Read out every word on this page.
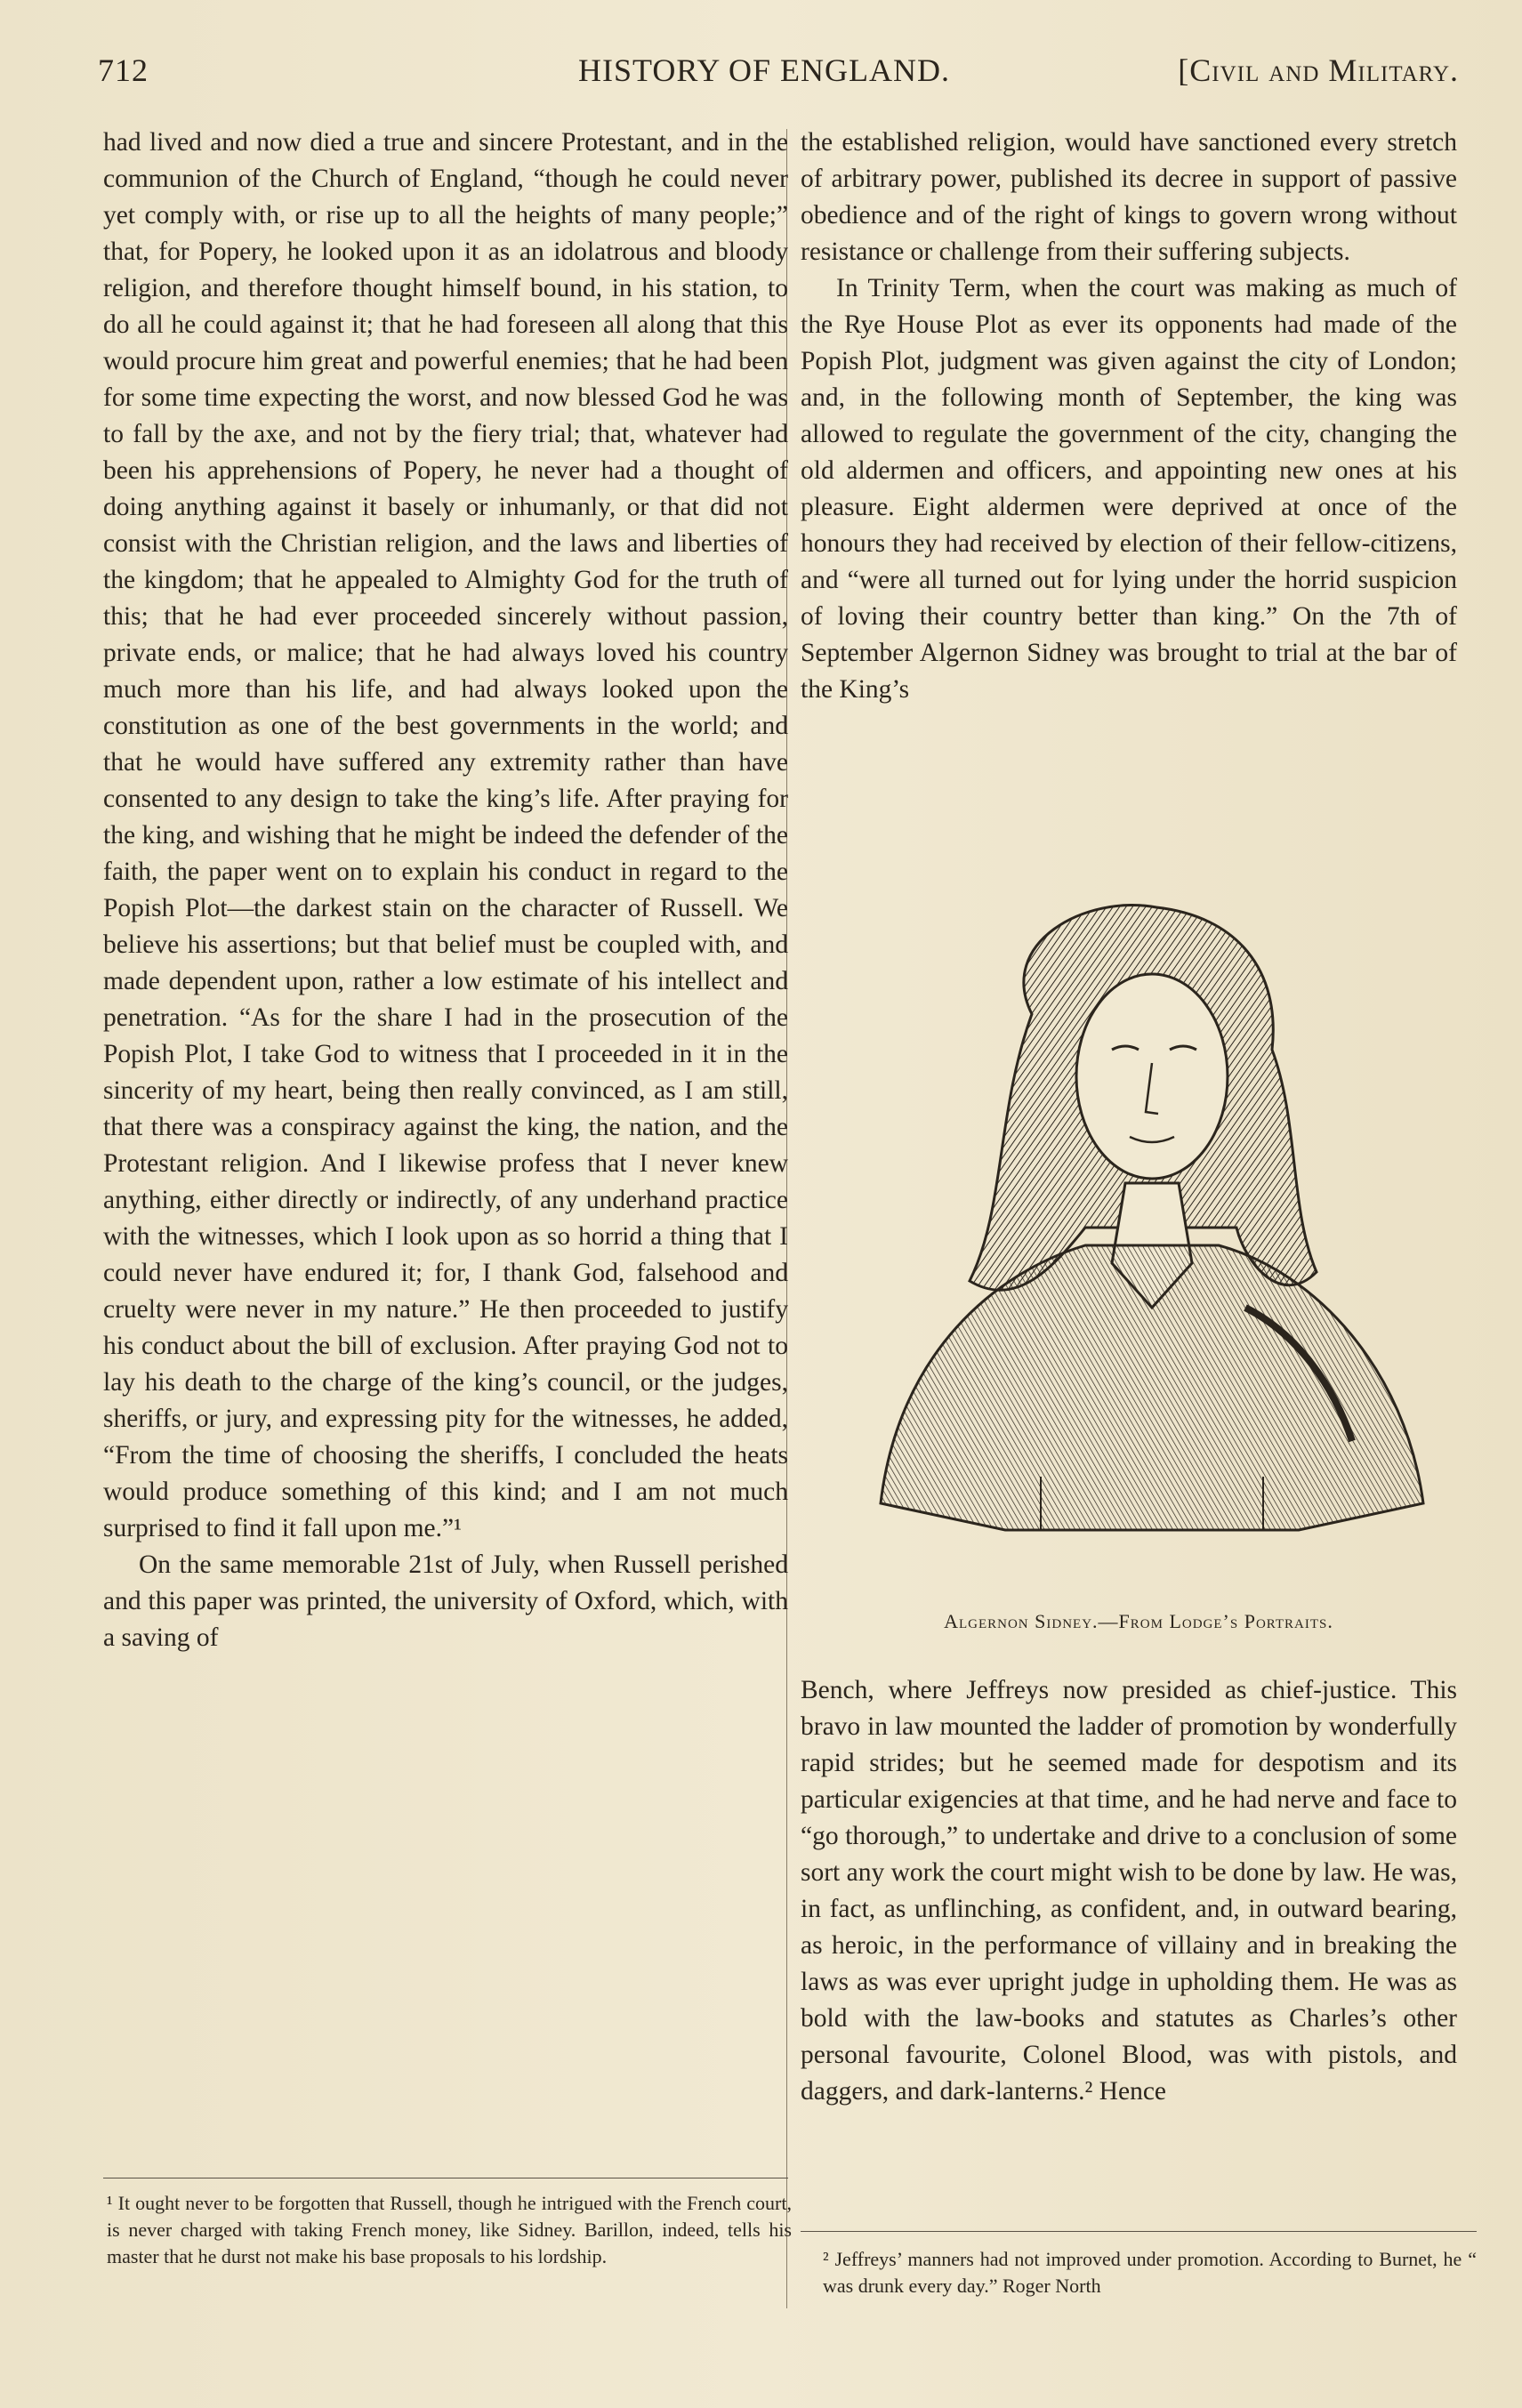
712	HISTORY OF ENGLAND.	[Civil and Military.

had lived and now died a true and sincere Protestant, and in the communion of the Church of England, “though he could never yet comply with, or rise up to all the heights of many people;” that, for Popery, he looked upon it as an idolatrous and bloody religion, and therefore thought himself bound, in his station, to do all he could against it; that he had foreseen all along that this would procure him great and powerful enemies; that he had been for some time expecting the worst, and now blessed God he was to fall by the axe, and not by the fiery trial; that, whatever had been his apprehensions of Popery, he never had a thought of doing anything against it basely or inhumanly, or that did not consist with the Christian religion, and the laws and liberties of the kingdom; that he appealed to Almighty God for the truth of this; that he had ever proceeded sincerely without passion, private ends, or malice; that he had always loved his country much more than his life, and had always looked upon the constitution as one of the best governments in the world; and that he would have suffered any extremity rather than have consented to any design to take the king’s life. After praying for the king, and wishing that he might be indeed the defender of the faith, the paper went on to explain his conduct in regard to the Popish Plot—the darkest stain on the character of Russell. We believe his assertions; but that belief must be coupled with, and made dependent upon, rather a low estimate of his intellect and penetration. “As for the share I had in the prosecution of the Popish Plot, I take God to witness that I proceeded in it in the sincerity of my heart, being then really convinced, as I am still, that there was a conspiracy against the king, the nation, and the Protestant religion. And I likewise profess that I never knew anything, either directly or indirectly, of any underhand practice with the witnesses, which I look upon as so horrid a thing that I could never have endured it; for, I thank God, falsehood and cruelty were never in my nature.” He then proceeded to justify his conduct about the bill of exclusion. After praying God not to lay his death to the charge of the king’s council, or the judges, sheriffs, or jury, and expressing pity for the witnesses, he added, “From the time of choosing the sheriffs, I concluded the heats would produce something of this kind; and I am not much surprised to find it fall upon me.”¹

On the same memorable 21st of July, when Russell perished and this paper was printed, the university of Oxford, which, with a saving of

the established religion, would have sanctioned every stretch of arbitrary power, published its decree in support of passive obedience and of the right of kings to govern wrong without resistance or challenge from their suffering subjects.

In Trinity Term, when the court was making as much of the Rye House Plot as ever its opponents had made of the Popish Plot, judgment was given against the city of London; and, in the following month of September, the king was allowed to regulate the government of the city, changing the old aldermen and officers, and appointing new ones at his pleasure. Eight aldermen were deprived at once of the honours they had received by election of their fellow-citizens, and “were all turned out for lying under the horrid suspicion of loving their country better than king.” On the 7th of September Algernon Sidney was brought to trial at the bar of the King’s

Algernon Sidney.—From Lodge’s Portraits.

Bench, where Jeffreys now presided as chief-justice. This bravo in law mounted the ladder of promotion by wonderfully rapid strides; but he seemed made for despotism and its particular exigencies at that time, and he had nerve and face to “go thorough,” to undertake and drive to a conclusion of some sort any work the court might wish to be done by law. He was, in fact, as unflinching, as confident, and, in outward bearing, as heroic, in the performance of villainy and in breaking the laws as was ever upright judge in upholding them. He was as bold with the law-books and statutes as Charles’s other personal favourite, Colonel Blood, was with pistols, and daggers, and dark-lanterns.² Hence

¹ It ought never to be forgotten that Russell, though he intrigued with the French court, is never charged with taking French money, like Sidney. Barillon, indeed, tells his master that he durst not make his base proposals to his lordship.	² Jeffreys’ manners had not improved under promotion. According to Burnet, he “ was drunk every day.” Roger North
